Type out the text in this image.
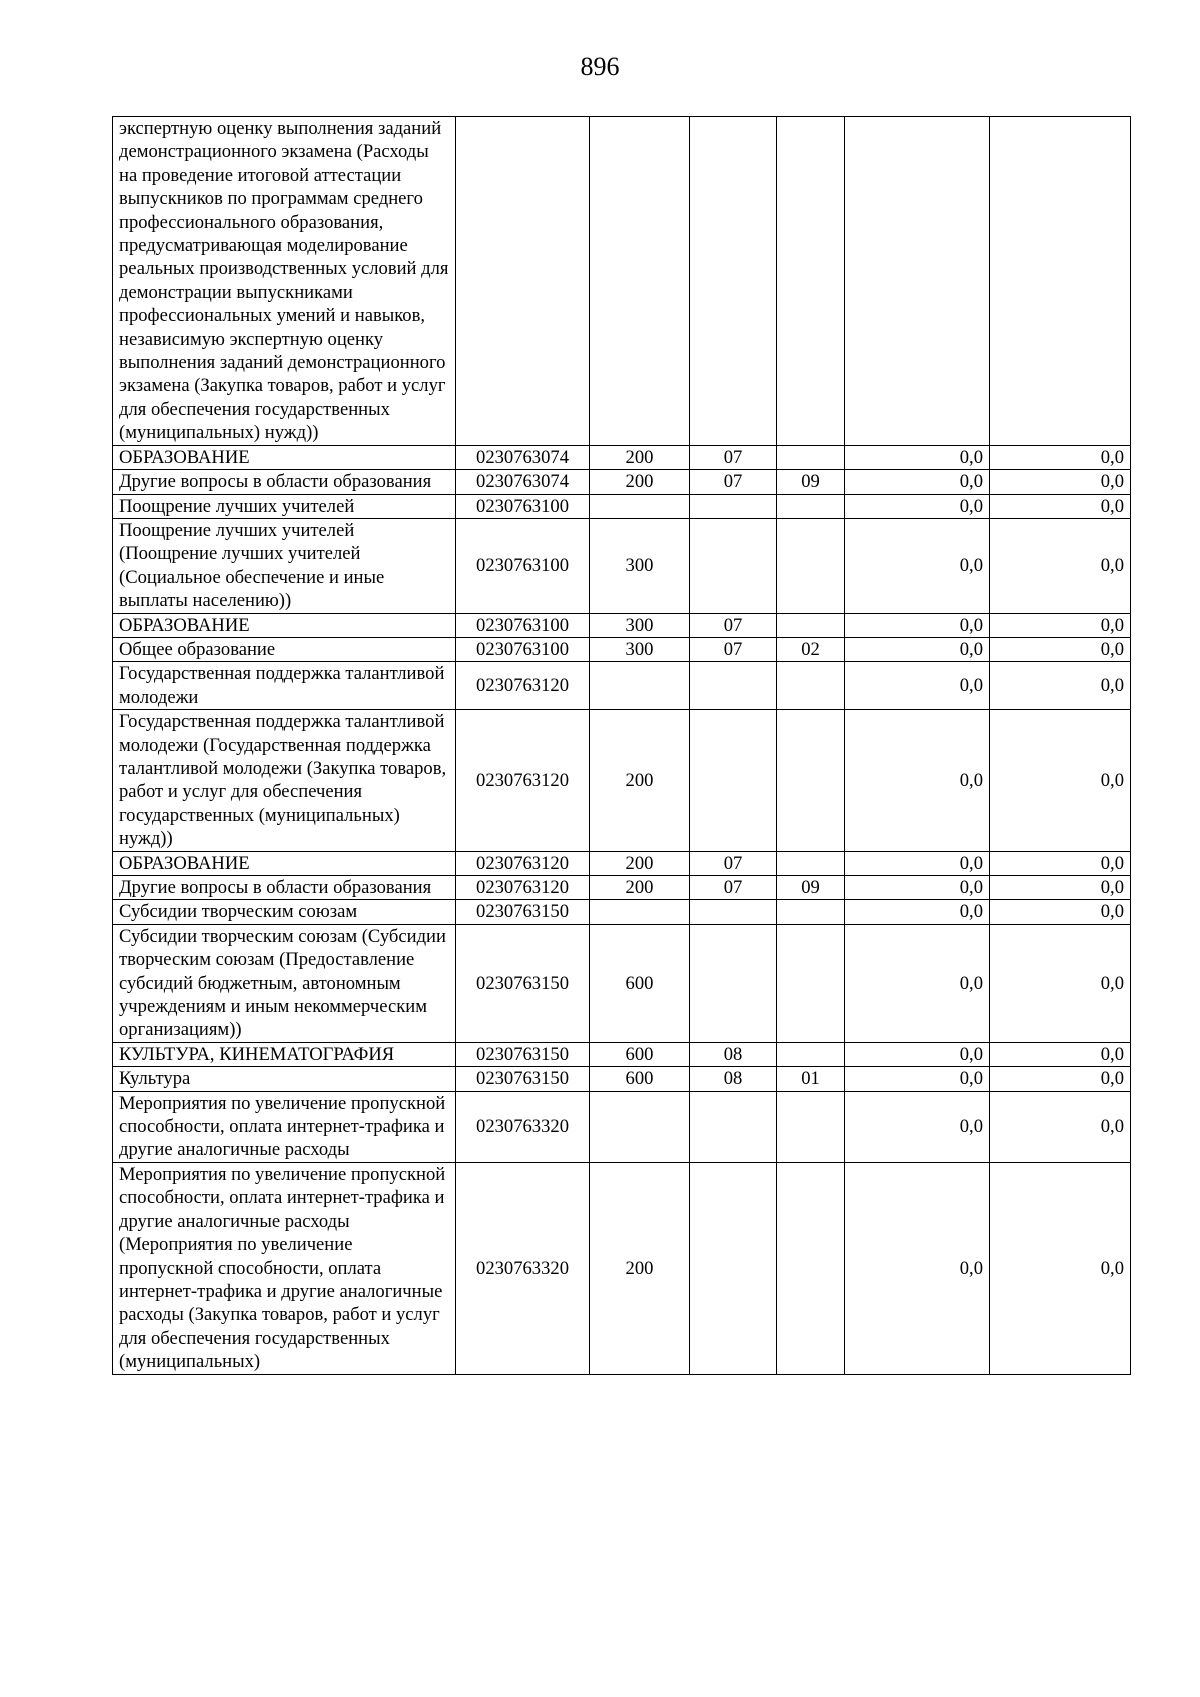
896
экспертную оценку выполнения заданий демонстрационного экзамена (Расходы на проведение итоговой аттестации выпускников по программам среднего профессионального образования, предусматривающая моделирование реальных производственных условий для демонстрации выпускниками профессиональных умений и навыков, независимую экспертную оценку выполнения заданий демонстрационного экзамена (Закупка товаров, работ и услуг для обеспечения государственных (муниципальных) нужд))						
ОБРАЗОВАНИЕ	0230763074	200	07		0,0	0,0
Другие вопросы в области образования	0230763074	200	07	09	0,0	0,0
Поощрение лучших учителей	0230763100				0,0	0,0
Поощрение лучших учителей (Поощрение лучших учителей (Социальное обеспечение и иные выплаты населению))	0230763100	300			0,0	0,0
ОБРАЗОВАНИЕ	0230763100	300	07		0,0	0,0
Общее образование	0230763100	300	07	02	0,0	0,0
Государственная поддержка талантливой молодежи	0230763120				0,0	0,0
Государственная поддержка талантливой молодежи (Государственная поддержка талантливой молодежи (Закупка товаров, работ и услуг для обеспечения государственных (муниципальных) нужд))	0230763120	200			0,0	0,0
ОБРАЗОВАНИЕ	0230763120	200	07		0,0	0,0
Другие вопросы в области образования	0230763120	200	07	09	0,0	0,0
Субсидии творческим союзам	0230763150				0,0	0,0
Субсидии творческим союзам (Субсидии творческим союзам (Предоставление субсидий бюджетным, автономным учреждениям и иным некоммерческим организациям))	0230763150	600			0,0	0,0
КУЛЬТУРА, КИНЕМАТОГРАФИЯ	0230763150	600	08		0,0	0,0
Культура	0230763150	600	08	01	0,0	0,0
Мероприятия по увеличение пропускной способности, оплата интернет-трафика и другие аналогичные расходы	0230763320				0,0	0,0
Мероприятия по увеличение пропускной способности, оплата интернет-трафика и другие аналогичные расходы (Мероприятия по увеличение пропускной способности, оплата интернет-трафика и другие аналогичные расходы (Закупка товаров, работ и услуг для обеспечения государственных (муниципальных)	0230763320	200			0,0	0,0
